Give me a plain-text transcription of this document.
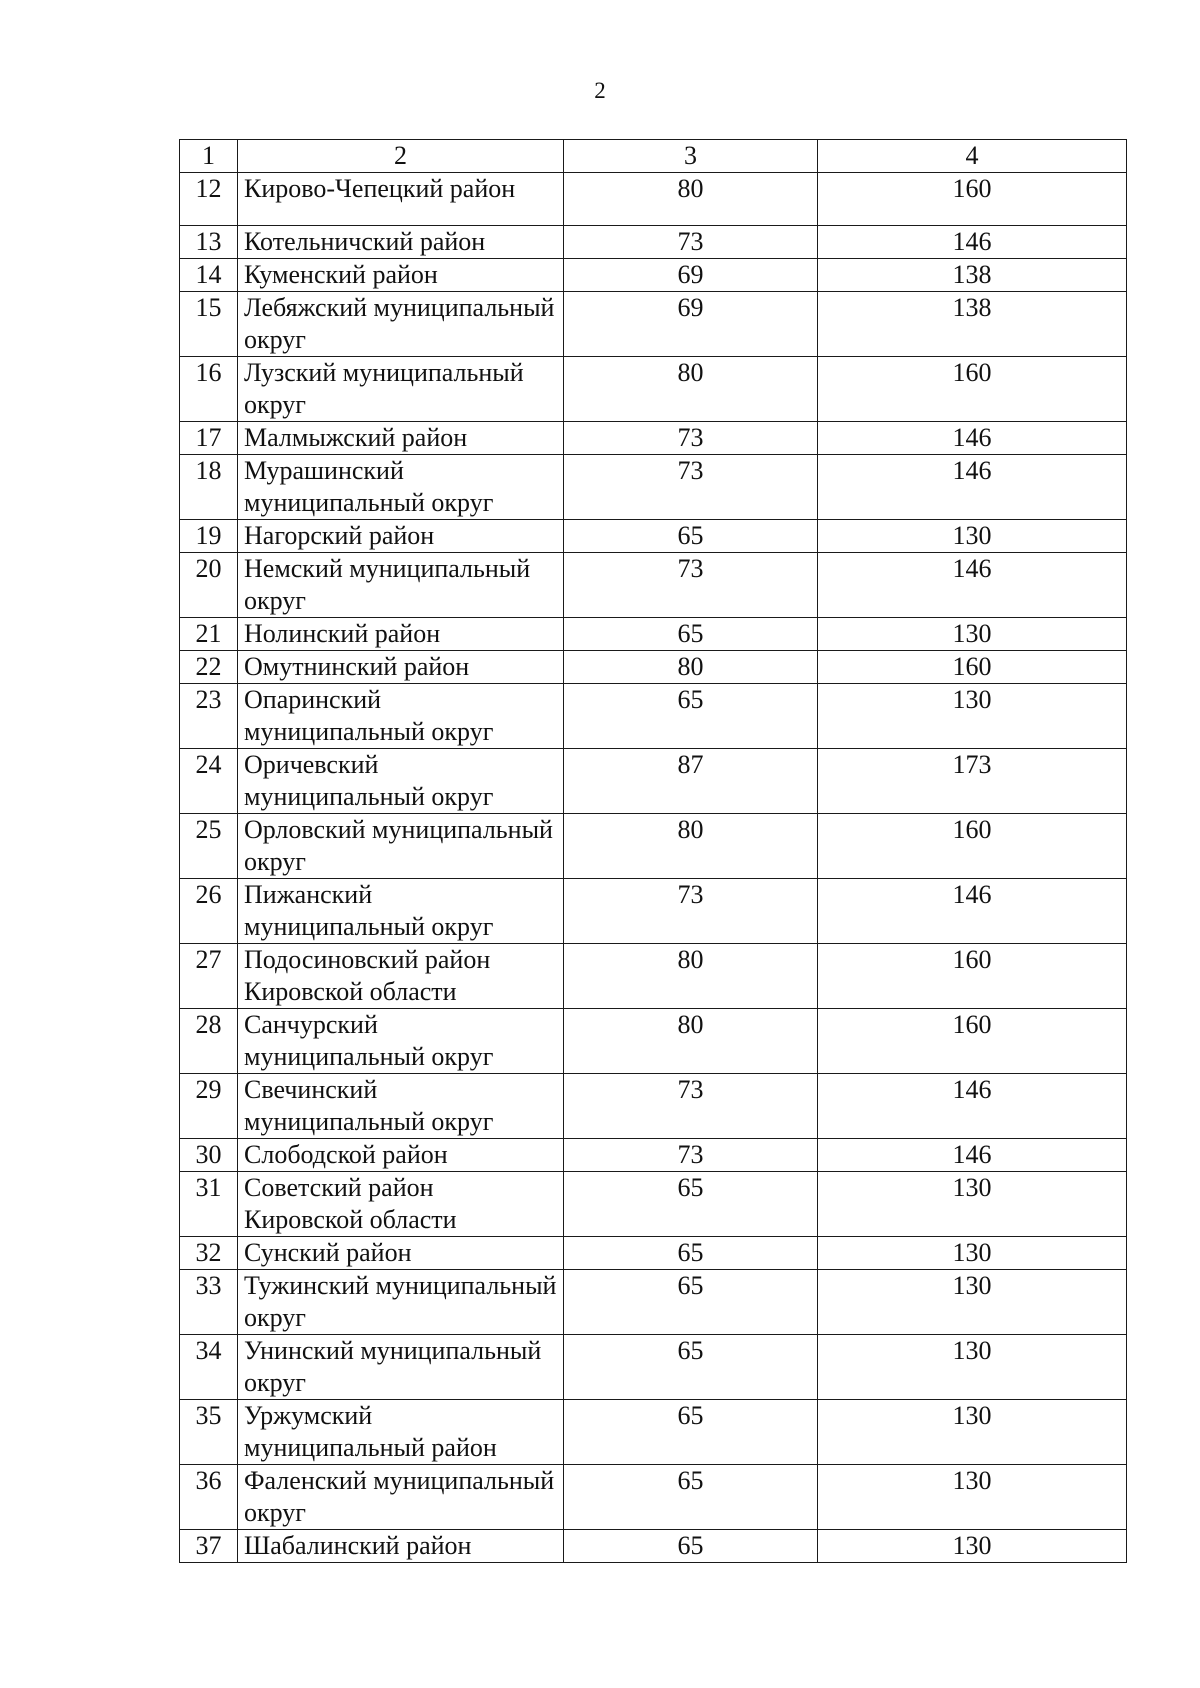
2
1	2	3	4
12	Кирово-Чепецкий район	80	160
13	Котельничский район	73	146
14	Куменский район	69	138
15	Лебяжский муниципальный округ	69	138
16	Лузский муниципальный округ	80	160
17	Малмыжский район	73	146
18	Мурашинский муниципальный округ	73	146
19	Нагорский район	65	130
20	Немский муниципальный округ	73	146
21	Нолинский район	65	130
22	Омутнинский район	80	160
23	Опаринский муниципальный округ	65	130
24	Оричевский муниципальный округ	87	173
25	Орловский муниципальный округ	80	160
26	Пижанский муниципальный округ	73	146
27	Подосиновский район Кировской области	80	160
28	Санчурский муниципальный округ	80	160
29	Свечинский муниципальный округ	73	146
30	Слободской район	73	146
31	Советский район Кировской области	65	130
32	Сунский район	65	130
33	Тужинский муниципальный округ	65	130
34	Унинский муниципальный округ	65	130
35	Уржумский муниципальный район	65	130
36	Фаленский муниципальный округ	65	130
37	Шабалинский район	65	130
